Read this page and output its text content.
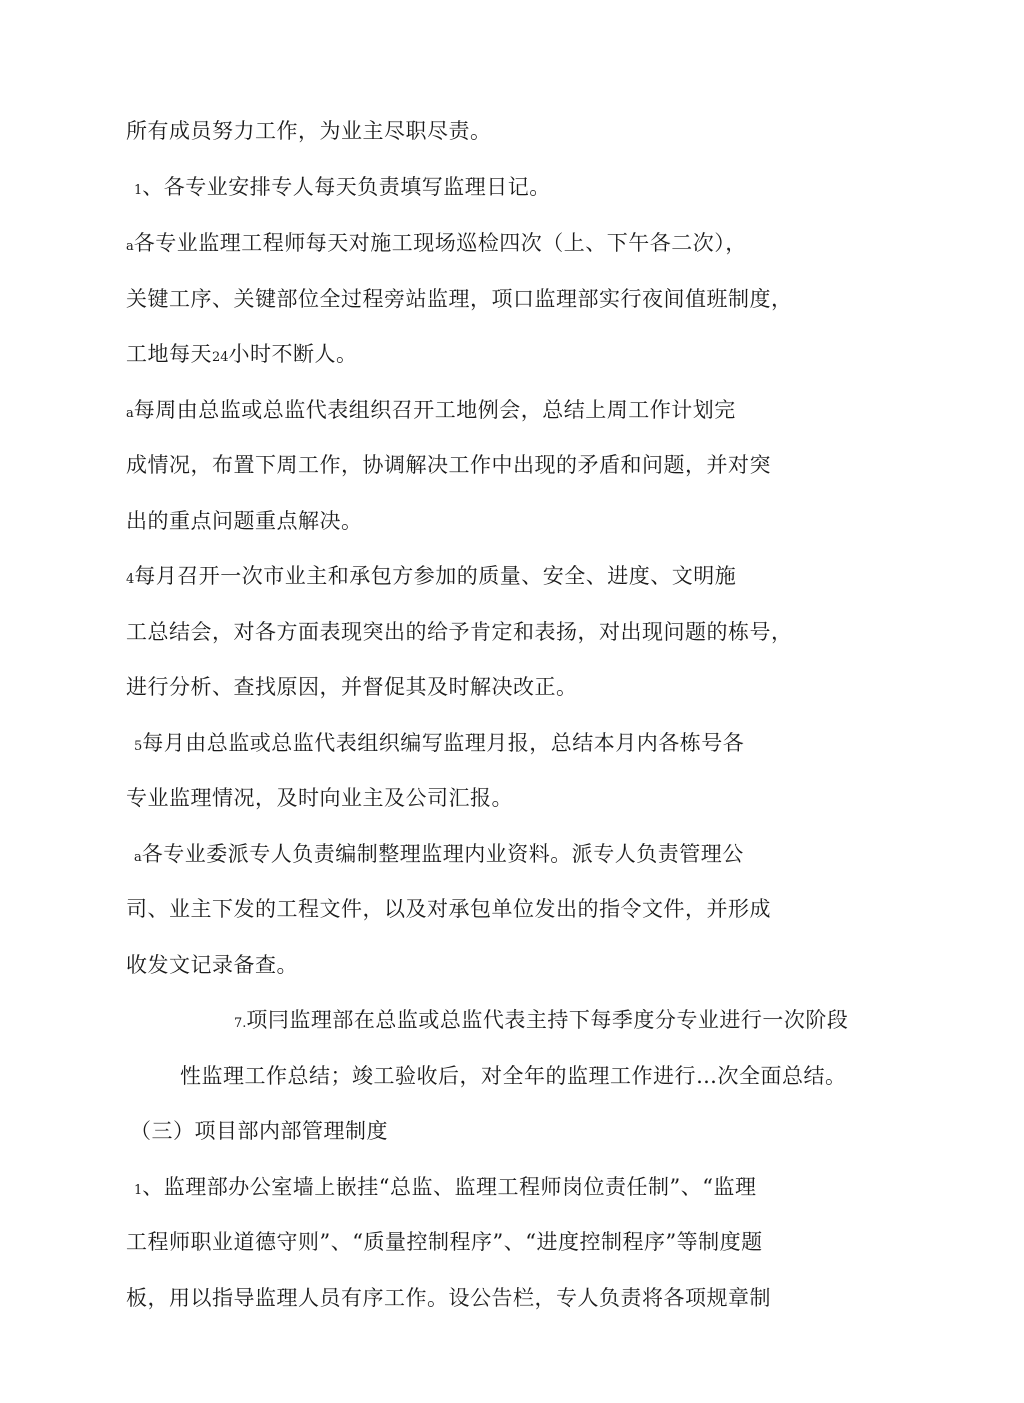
所有成员努力工作，为业主尽职尽责。
1、各专业安排专人每天负责填写监理日记。
a各专业监理工程师每天对施工现场巡检四次（上、下午各二次），
关键工序、关键部位全过程旁站监理，项口监理部实行夜间值班制度，
工地每天24小时不断人。
a每周由总监或总监代表组织召开工地例会，总结上周工作计划完
成情况，布置下周工作，协调解决工作中出现的矛盾和问题，并对突
出的重点问题重点解决。
4每月召开一次市业主和承包方参加的质量、安全、进度、文明施
工总结会，对各方面表现突出的给予肯定和表扬，对出现问题的栋号，
进行分析、查找原因，并督促其及时解决改正。
5每月由总监或总监代表组织编写监理月报，总结本月内各栋号各
专业监理情况，及时向业主及公司汇报。
a各专业委派专人负责编制整理监理内业资料。派专人负责管理公
司、业主下发的工程文件，以及对承包单位发出的指令文件，并形成
收发文记录备查。
7.项冃监理部在总监或总监代表主持下每季度分专业进行一次阶段
性监理工作总结；竣工验收后，对全年的监理工作进行…次全面总结。
（三）项目部内部管理制度
1、监理部办公室墙上嵌挂“总监、监理工程师岗位责任制”、“监理
工程师职业道德守则”、“质量控制程序”、“进度控制程序”等制度题
板，用以指导监理人员有序工作。设公告栏，专人负责将各项规章制
